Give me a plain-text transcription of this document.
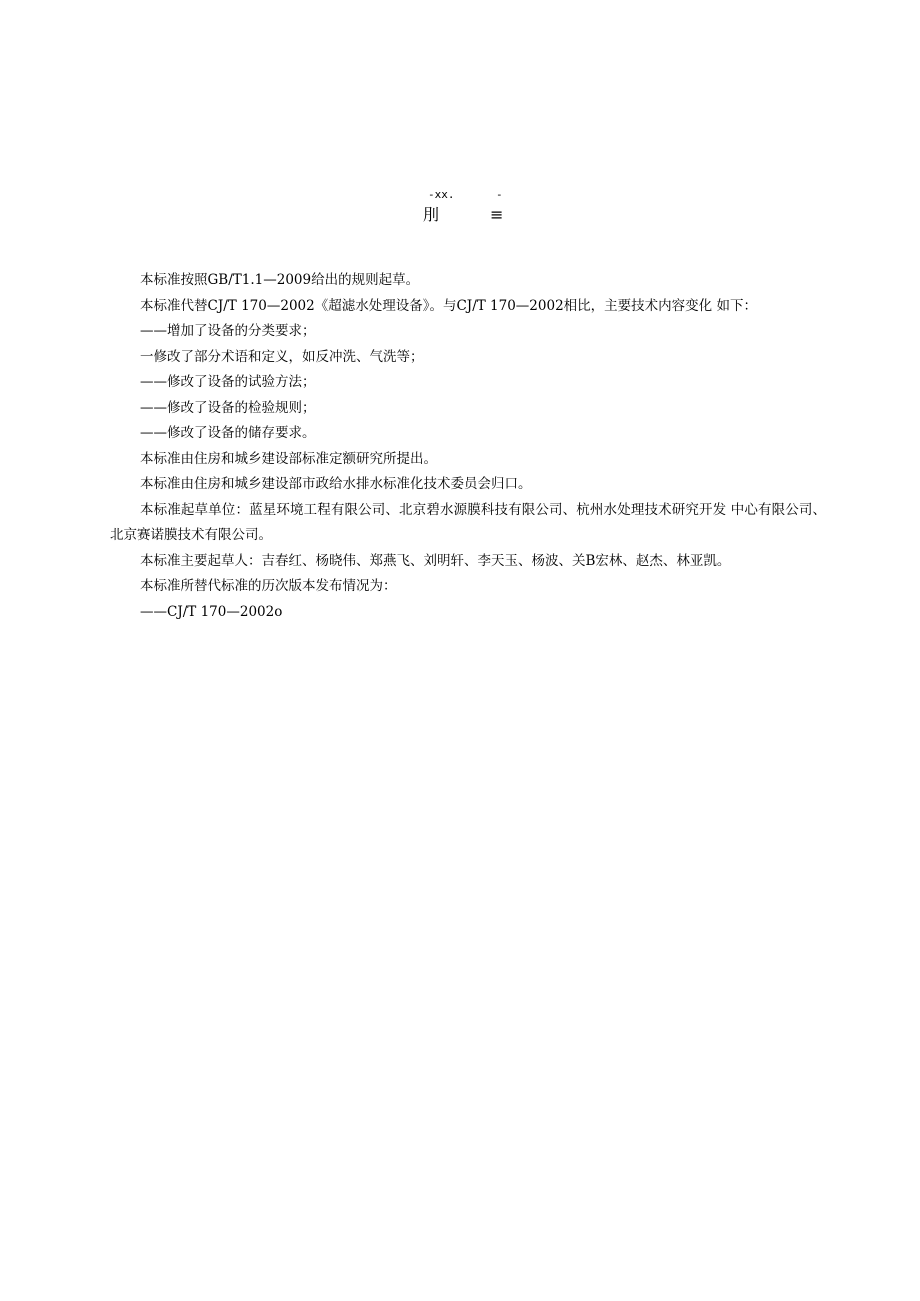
-xx.	-
刖	≡

本标准按照GB/T1.1—2009给出的规则起草。

本标准代替CJ/T 170—2002《超滤水处理设备》。与CJ/T 170—2002相比，主要技术内容变化 如下：

——增加了设备的分类要求；

一修改了部分术语和定义，如反冲洗、气洗等；

——修改了设备的试验方法；

——修改了设备的检验规则；

——修改了设备的储存要求。

本标准由住房和城乡建设部标准定额研究所提出。

本标准由住房和城乡建设部市政给水排水标准化技术委员会归口。

本标准起草单位：蓝星环境工程有限公司、北京碧水源膜科技有限公司、杭州水处理技术研究开发 中心有限公司、北京赛诺膜技术有限公司。

本标准主要起草人：吉春红、杨晓伟、郑燕飞、刘明轩、李天玉、杨波、关B宏林、赵杰、林亚凯。

本标准所替代标准的历次版本发布情况为：

——CJ/T 170—2002o
